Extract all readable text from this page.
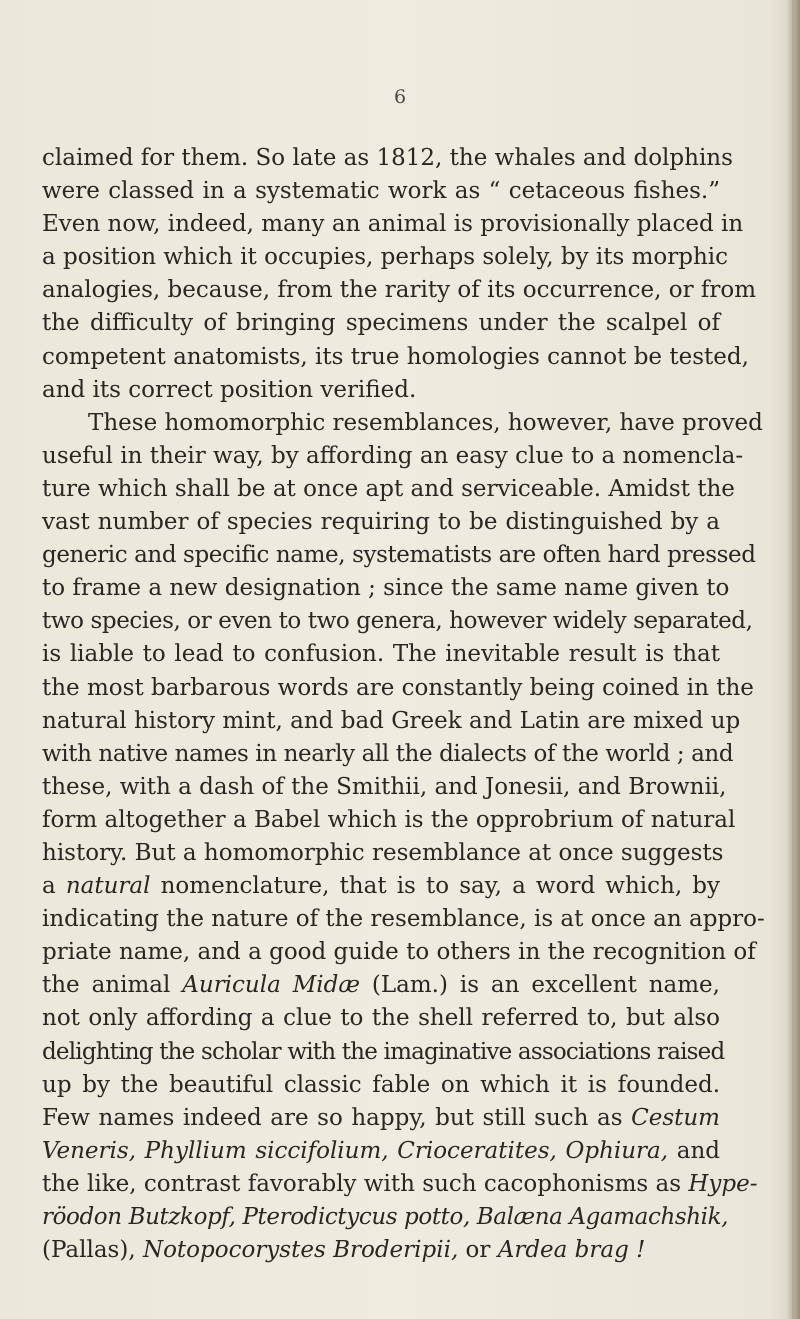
6
claimed for them. So late as 1812, the whales and dolphins
were classed in a systematic work as “ cetaceous fishes.”
Even now, indeed, many an animal is provisionally placed in
a position which it occupies, perhaps solely, by its morphic
analogies, because, from the rarity of its occurrence, or from
the difficulty of bringing specimens under the scalpel of
competent anatomists, its true homologies cannot be tested,
and its correct position verified.
These homomorphic resemblances, however, have proved
useful in their way, by affording an easy clue to a nomencla-
ture which shall be at once apt and serviceable. Amidst the
vast number of species requiring to be distinguished by a
generic and specific name, systematists are often hard pressed
to frame a new designation ; since the same name given to
two species, or even to two genera, however widely separated,
is liable to lead to confusion. The inevitable result is that
the most barbarous words are constantly being coined in the
natural history mint, and bad Greek and Latin are mixed up
with native names in nearly all the dialects of the world ; and
these, with a dash of the Smithii, and Jonesii, and Brownii,
form altogether a Babel which is the opprobrium of natural
history. But a homomorphic resemblance at once suggests
a natural nomenclature, that is to say, a word which, by
indicating the nature of the resemblance, is at once an appro-
priate name, and a good guide to others in the recognition of
the animal Auricula Midæ (Lam.) is an excellent name,
not only affording a clue to the shell referred to, but also
delighting the scholar with the imaginative associations raised
up by the beautiful classic fable on which it is founded.
Few names indeed are so happy, but still such as Cestum
Veneris, Phyllium siccifolium, Crioceratites, Ophiura, and
the like, contrast favorably with such cacophonisms as Hype-
röodon Butzkopf, Pterodictycus potto, Balæna Agamachshik,
(Pallas), Notopocorystes Broderipii, or Ardea brag !
